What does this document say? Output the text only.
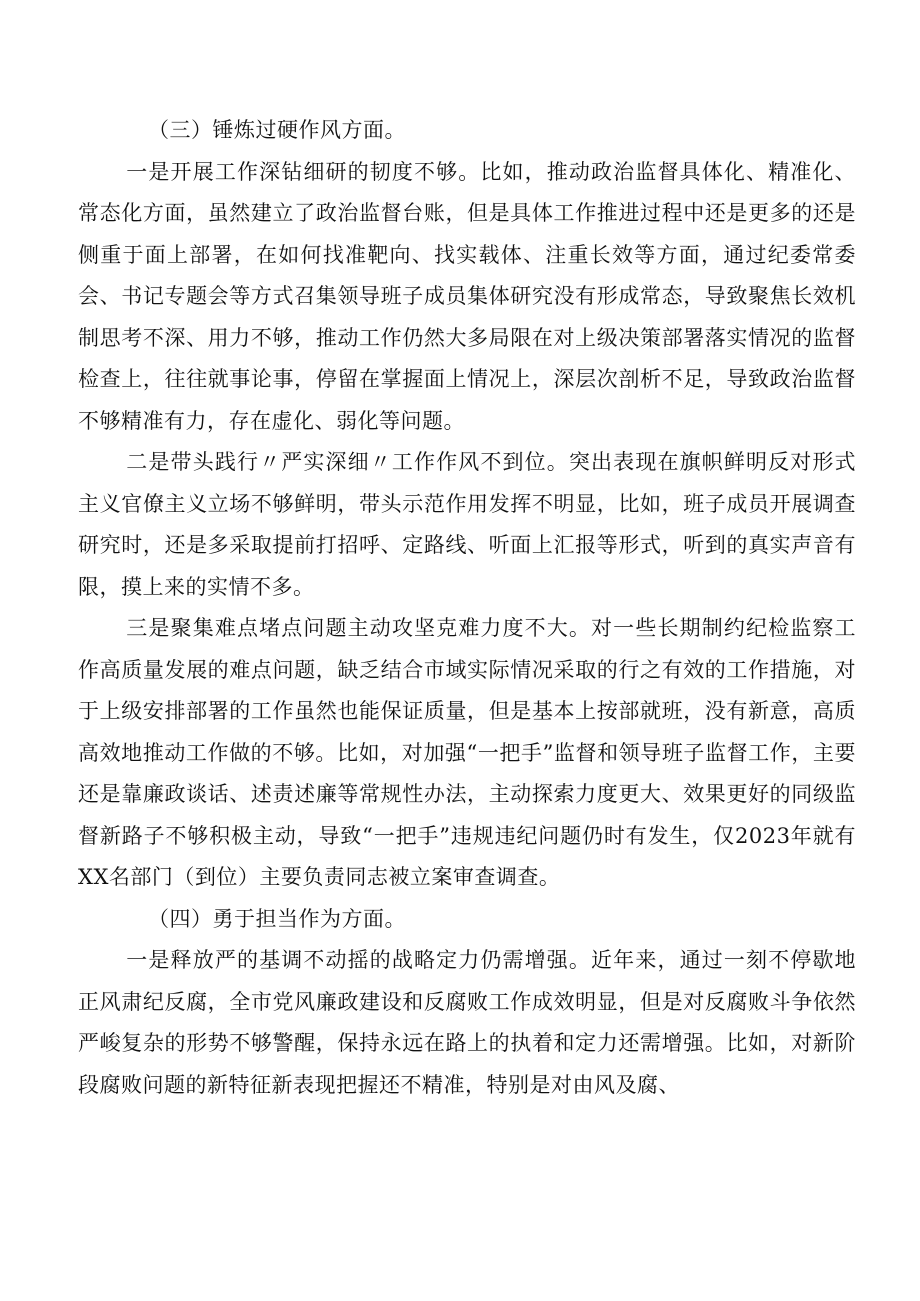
（三）锤炼过硬作风方面。

一是开展工作深钻细研的韧度不够。比如，推动政治监督具体化、精准化、常态化方面，虽然建立了政治监督台账，但是具体工作推进过程中还是更多的还是侧重于面上部署，在如何找准靶向、找实载体、注重长效等方面，通过纪委常委会、书记专题会等方式召集领导班子成员集体研究没有形成常态，导致聚焦长效机制思考不深、用力不够，推动工作仍然大多局限在对上级决策部署落实情况的监督检查上，往往就事论事，停留在掌握面上情况上，深层次剖析不足，导致政治监督不够精准有力，存在虚化、弱化等问题。

二是带头践行〃严实深细〃工作作风不到位。突出表现在旗帜鲜明反对形式主义官僚主义立场不够鲜明，带头示范作用发挥不明显，比如，班子成员开展调查研究时，还是多采取提前打招呼、定路线、听面上汇报等形式，听到的真实声音有限，摸上来的实情不多。

三是聚集难点堵点问题主动攻坚克难力度不大。对一些长期制约纪检监察工作高质量发展的难点问题，缺乏结合市域实际情况采取的行之有效的工作措施，对于上级安排部署的工作虽然也能保证质量，但是基本上按部就班，没有新意，高质高效地推动工作做的不够。比如，对加强“一把手”监督和领导班子监督工作，主要还是靠廉政谈话、述责述廉等常规性办法，主动探索力度更大、效果更好的同级监督新路子不够积极主动，导致“一把手”违规违纪问题仍时有发生，仅2023年就有XX名部门（到位）主要负责同志被立案审查调查。

（四）勇于担当作为方面。

一是释放严的基调不动摇的战略定力仍需增强。近年来，通过一刻不停歇地正风肃纪反腐，全市党风廉政建设和反腐败工作成效明显，但是对反腐败斗争依然严峻复杂的形势不够警醒，保持永远在路上的执着和定力还需增强。比如，对新阶段腐败问题的新特征新表现把握还不精准，特别是对由风及腐、
